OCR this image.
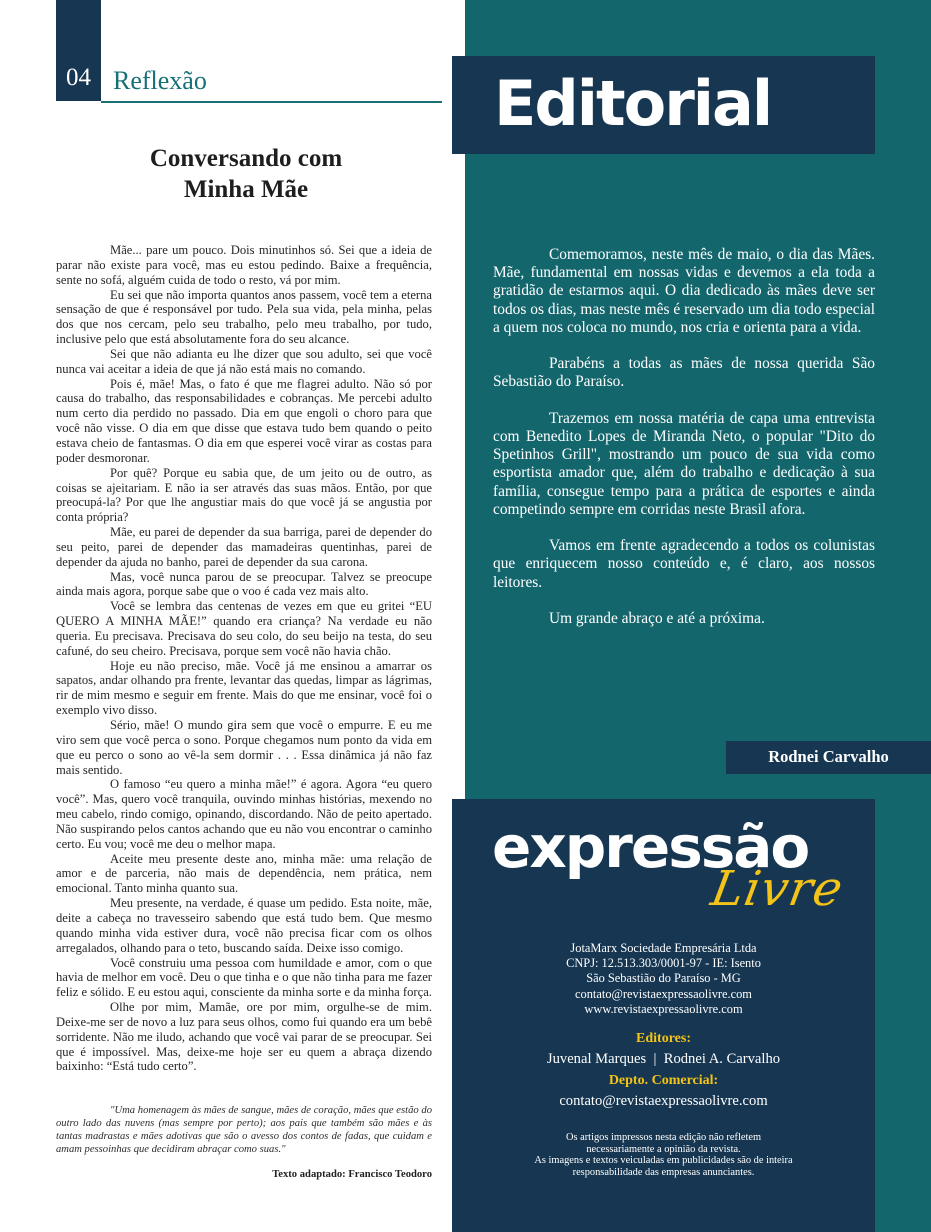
04 Reflexão
Conversando com
Minha Mãe

Mãe... pare um pouco. Dois minutinhos só. Sei que a ideia de parar não existe para você, mas eu estou pedindo. Baixe a frequência, sente no sofá, alguém cuida de todo o resto, vá por mim.

Eu sei que não importa quantos anos passem, você tem a eterna sensação de que é responsável por tudo. Pela sua vida, pela minha, pelas dos que nos cercam, pelo seu trabalho, pelo meu trabalho, por tudo, inclusive pelo que está absolutamente fora do seu alcance.

Sei que não adianta eu lhe dizer que sou adulto, sei que você nunca vai aceitar a ideia de que já não está mais no comando.

Pois é, mãe! Mas, o fato é que me flagrei adulto. Não só por causa do trabalho, das responsabilidades e cobranças. Me percebi adulto num certo dia perdido no passado. Dia em que engoli o choro para que você não visse. O dia em que disse que estava tudo bem quando o peito estava cheio de fantasmas. O dia em que esperei você virar as costas para poder desmoronar.

Por quê? Porque eu sabia que, de um jeito ou de outro, as coisas se ajeitariam. E não ia ser através das suas mãos. Então, por que preocupá-la? Por que lhe angustiar mais do que você já se angustia por conta própria?

Mãe, eu parei de depender da sua barriga, parei de depender do seu peito, parei de depender das mamadeiras quentinhas, parei de depender da ajuda no banho, parei de depender da sua carona.

Mas, você nunca parou de se preocupar. Talvez se preocupe ainda mais agora, porque sabe que o voo é cada vez mais alto.

Você se lembra das centenas de vezes em que eu gritei “EU QUERO A MINHA MÃE!” quando era criança? Na verdade eu não queria. Eu precisava. Precisava do seu colo, do seu beijo na testa, do seu cafuné, do seu cheiro. Precisava, porque sem você não havia chão.

Hoje eu não preciso, mãe. Você já me ensinou a amarrar os sapatos, andar olhando pra frente, levantar das quedas, limpar as lágrimas, rir de mim mesmo e seguir em frente. Mais do que me ensinar, você foi o exemplo vivo disso.

Sério, mãe! O mundo gira sem que você o empurre. E eu me viro sem que você perca o sono. Porque chegamos num ponto da vida em que eu perco o sono ao vê-la sem dormir . . . Essa dinâmica já não faz mais sentido.

O famoso “eu quero a minha mãe!” é agora. Agora “eu quero você”. Mas, quero você tranquila, ouvindo minhas histórias, mexendo no meu cabelo, rindo comigo, opinando, discordando. Não de peito apertado. Não suspirando pelos cantos achando que eu não vou encontrar o caminho certo. Eu vou; você me deu o melhor mapa.

Aceite meu presente deste ano, minha mãe: uma relação de amor e de parceria, não mais de dependência, nem prática, nem emocional. Tanto minha quanto sua.

Meu presente, na verdade, é quase um pedido. Esta noite, mãe, deite a cabeça no travesseiro sabendo que está tudo bem. Que mesmo quando minha vida estiver dura, você não precisa ficar com os olhos arregalados, olhando para o teto, buscando saída. Deixe isso comigo.

Você construiu uma pessoa com humildade e amor, com o que havia de melhor em você. Deu o que tinha e o que não tinha para me fazer feliz e sólido. E eu estou aqui, consciente da minha sorte e da minha força.

Olhe por mim, Mamãe, ore por mim, orgulhe-se de mim. Deixe-me ser de novo a luz para seus olhos, como fui quando era um bebê sorridente. Não me iludo, achando que você vai parar de se preocupar. Sei que é impossível. Mas, deixe-me hoje ser eu quem a abraça dizendo baixinho: “Está tudo certo”.

"Uma homenagem às mães de sangue, mães de coração, mães que estão do outro lado das nuvens (mas sempre por perto); aos pais que também são mães e às tantas madrastas e mães adotivas que são o avesso dos contos de fadas, que cuidam e amam pessoinhas que decidiram abraçar como suas."
Texto adaptado: Francisco Teodoro
Editorial

Comemoramos, neste mês de maio, o dia das Mães. Mãe, fundamental em nossas vidas e devemos a ela toda a gratidão de estarmos aqui. O dia dedicado às mães deve ser todos os dias, mas neste mês é reservado um dia todo especial a quem nos coloca no mundo, nos cria e orienta para a vida.

Parabéns a todas as mães de nossa querida São Sebastião do Paraíso.

Trazemos em nossa matéria de capa uma entrevista com Benedito Lopes de Miranda Neto, o popular "Dito do Spetinhos Grill", mostrando um pouco de sua vida como esportista amador que, além do trabalho e dedicação à sua família, consegue tempo para a prática de esportes e ainda competindo sempre em corridas neste Brasil afora.

Vamos em frente agradecendo a todos os colunistas que enriquecem nosso conteúdo e, é claro, aos nossos leitores.

Um grande abraço e até a próxima.

Rodnei Carvalho
expressão
Livre
JotaMarx Sociedade Empresária Ltda
CNPJ: 12.513.303/0001-97 - IE: Isento
São Sebastião do Paraíso - MG
contato@revistaexpressaolivre.com
www.revistaexpressaolivre.com
Editores:
Juvenal Marques  |  Rodnei A. Carvalho
Depto. Comercial:
contato@revistaexpressaolivre.com
Os artigos impressos nesta edição não refletem
necessariamente a opinião da revista.
As imagens e textos veiculadas em publicidades são de inteira
responsabilidade das empresas anunciantes.
